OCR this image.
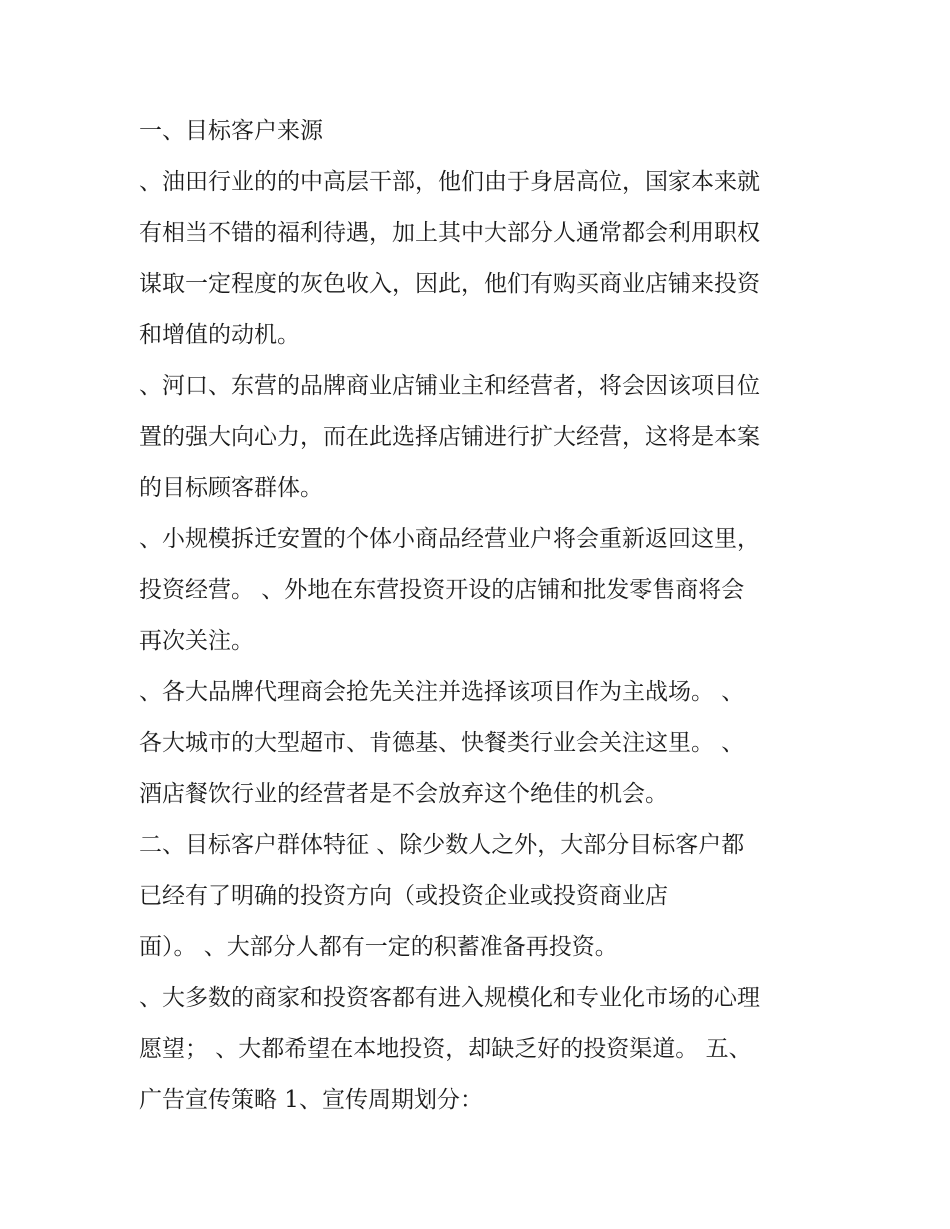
一、目标客户来源
、油田行业的的中高层干部，他们由于身居高位，国家本来就
有相当不错的福利待遇，加上其中大部分人通常都会利用职权
谋取一定程度的灰色收入，因此，他们有购买商业店铺来投资
和增值的动机。
、河口、东营的品牌商业店铺业主和经营者，将会因该项目位
置的强大向心力，而在此选择店铺进行扩大经营，这将是本案
的目标顾客群体。
、小规模拆迁安置的个体小商品经营业户将会重新返回这里，
投资经营。 、外地在东营投资开设的店铺和批发零售商将会
再次关注。
、各大品牌代理商会抢先关注并选择该项目作为主战场。 、
各大城市的大型超市、肯德基、快餐类行业会关注这里。 、
酒店餐饮行业的经营者是不会放弃这个绝佳的机会。
二、目标客户群体特征 、除少数人之外，大部分目标客户都
已经有了明确的投资方向（或投资企业或投资商业店
面）。 、大部分人都有一定的积蓄准备再投资。
、大多数的商家和投资客都有进入规模化和专业化市场的心理
愿望； 、大都希望在本地投资，却缺乏好的投资渠道。 五、
广告宣传策略 1、宣传周期划分：
